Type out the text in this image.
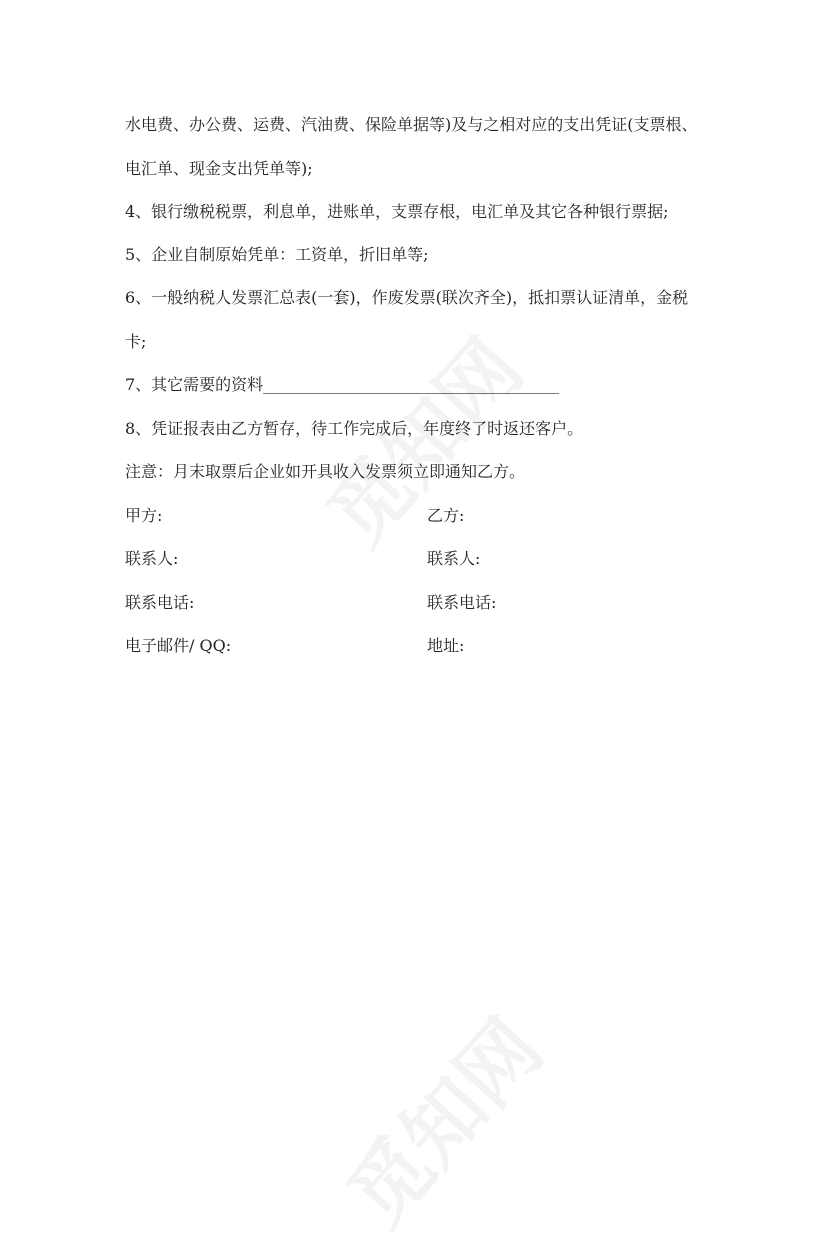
水电费、办公费、运费、汽油费、保险单据等)及与之相对应的支出凭证(支票根、
电汇单、现金支出凭单等);
4、银行缴税税票，利息单，进账单，支票存根，电汇单及其它各种银行票据;
5、企业自制原始凭单：工资单，折旧单等;
6、一般纳税人发票汇总表(一套)，作废发票(联次齐全)，抵扣票认证清单，金税
卡;
7、其它需要的资料_____________________________________
8、凭证报表由乙方暂存，待工作完成后，年度终了时返还客户。
注意：月末取票后企业如开具收入发票须立即通知乙方。
甲方:	乙方:
联系人:	联系人:
联系电话:	联系电话:
电子邮件/ QQ:	地址:
